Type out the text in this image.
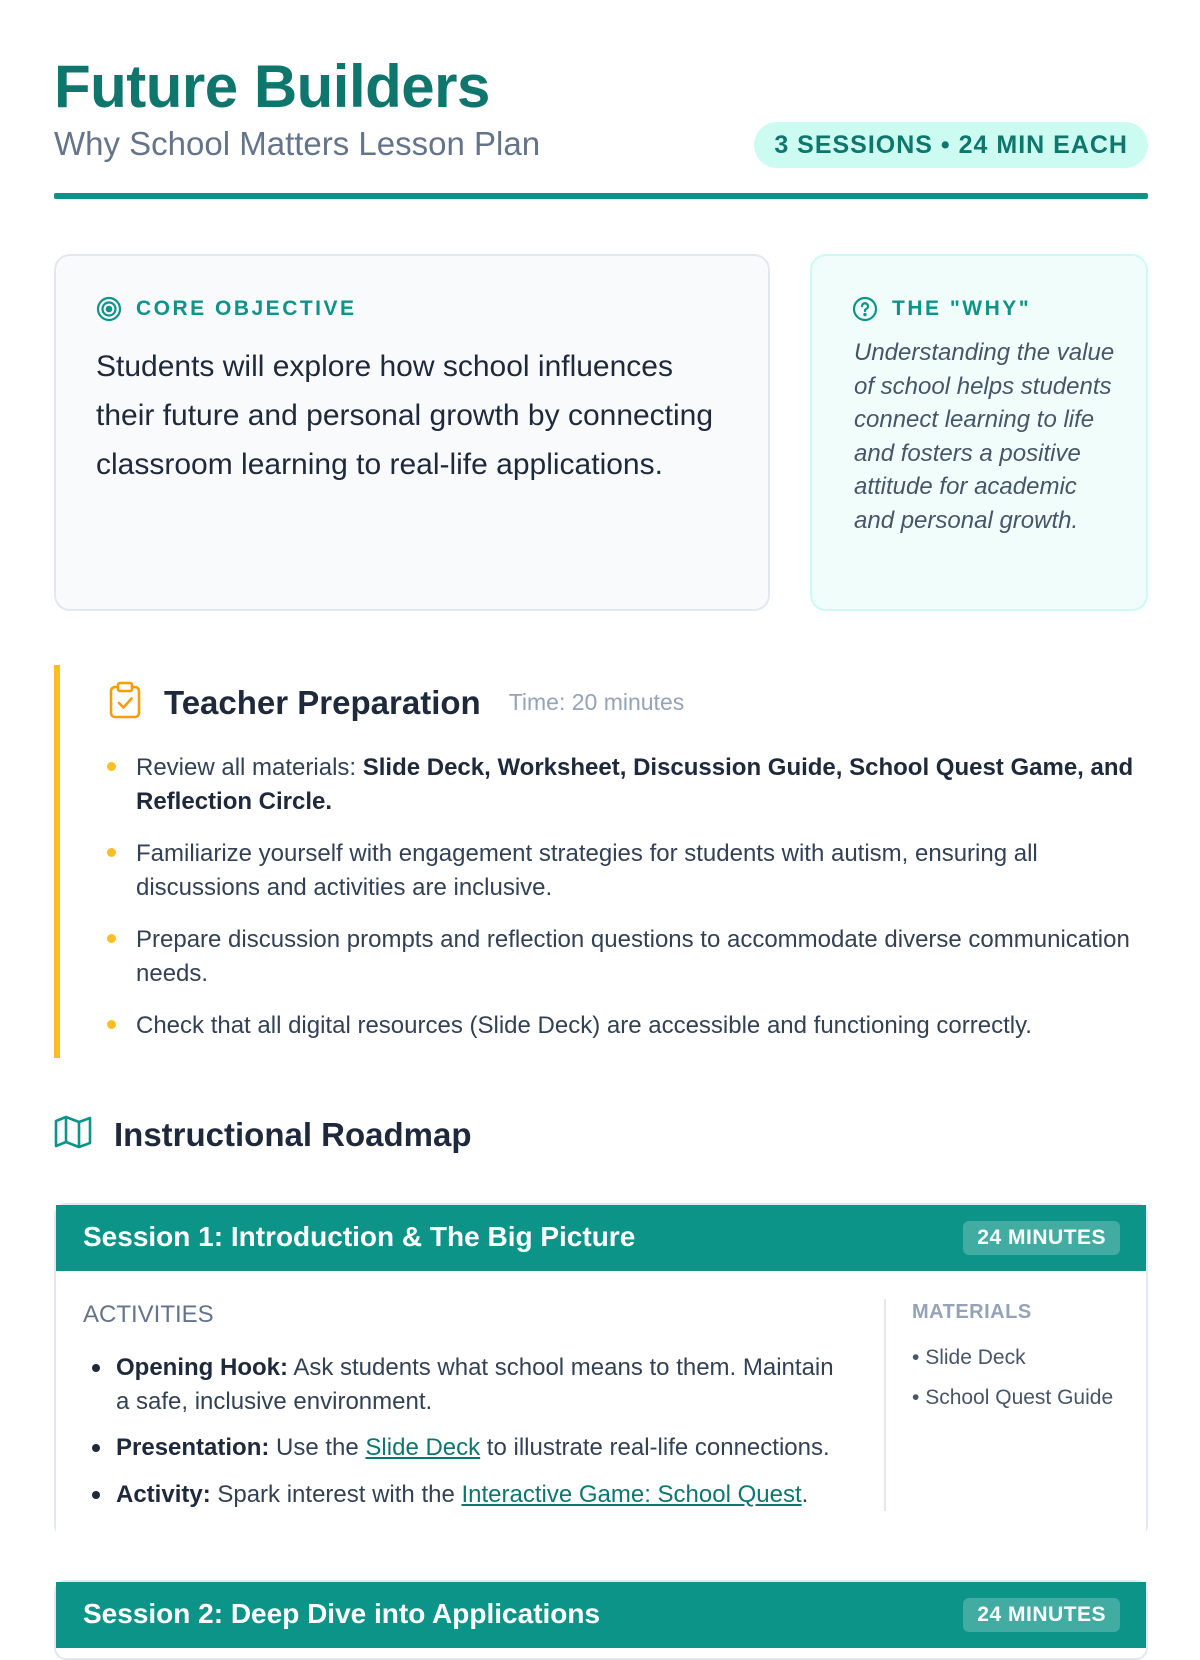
Future Builders
Why School Matters Lesson Plan	3 SESSIONS • 24 MIN EACH
CORE OBJECTIVE

Students will explore how school influences their future and personal growth by connecting classroom learning to real-life applications.

THE "WHY"

Understanding the value of school helps students connect learning to life and fosters a positive attitude for academic and personal growth.

Teacher Preparation Time: 20 minutes
Review all materials: Slide Deck, Worksheet, Discussion Guide, School Quest Game, and Reflection Circle.
Familiarize yourself with engagement strategies for students with autism, ensuring all discussions and activities are inclusive.
Prepare discussion prompts and reflection questions to accommodate diverse communication needs.
Check that all digital resources (Slide Deck) are accessible and functioning correctly.
Instructional Roadmap
Session 1: Introduction & The Big Picture	24 MINUTES
ACTIVITIES
Opening Hook: Ask students what school means to them. Maintain a safe, inclusive environment.
Presentation: Use the Slide Deck to illustrate real-life connections.
Activity: Spark interest with the Interactive Game: School Quest.
MATERIALS
• Slide Deck
• School Quest Guide
Session 2: Deep Dive into Applications	24 MINUTES
